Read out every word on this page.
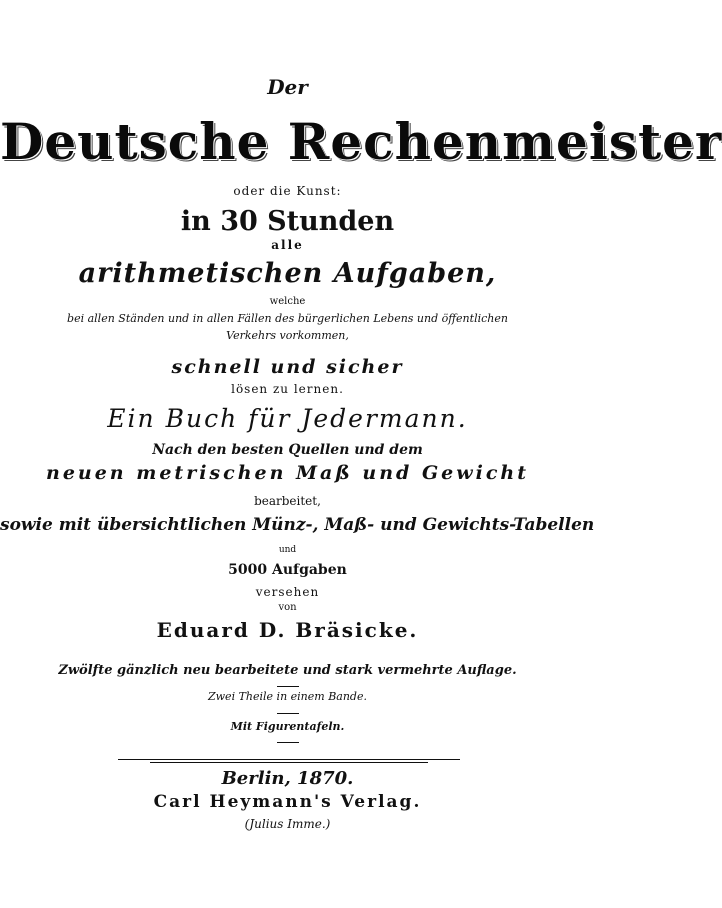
Der
Deutsche Rechenmeister
oder die Kunst:
in 30 Stunden
alle
arithmetischen Aufgaben,
welche
bei allen Ständen und in allen Fällen des bürgerlichen Lebens und öffentlichen
Verkehrs vorkommen,
schnell und sicher
lösen zu lernen.
Ein Buch für Jedermann.
Nach den besten Quellen und dem
neuen metrischen Maß und Gewicht
bearbeitet,
sowie mit übersichtlichen Münz-, Maß- und Gewichts-Tabellen
und
5000 Aufgaben
versehen
von
Eduard D. Bräsicke.
Zwölfte gänzlich neu bearbeitete und stark vermehrte Auflage.
Zwei Theile in einem Bande.
Mit Figurentafeln.
Berlin, 1870.
Carl Heymann's Verlag.
(Julius Imme.)
